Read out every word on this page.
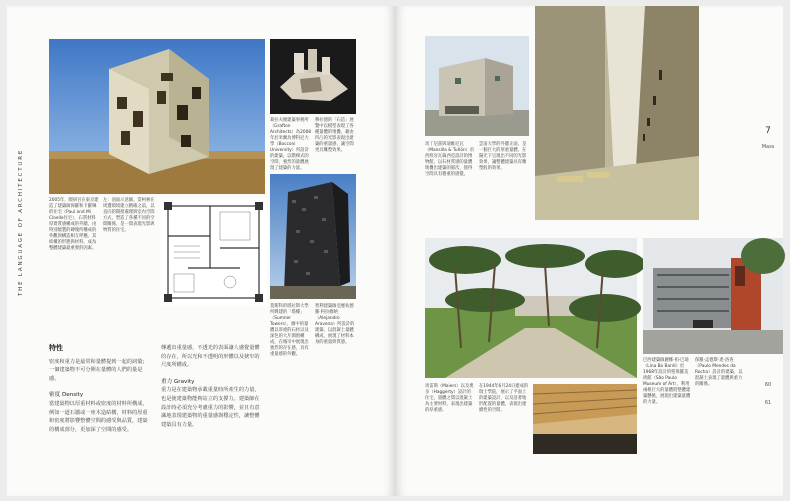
THE LANGUAGE OF ARCHITECTURE	2005年，隈研吾在東京建造了建築師保羅和卡羅琳的住宅（Paul and Mi Cloelle住宅），石質材料厚實質感構成的外牆，由特別燒製的磚塊所構成的外觀與構造相互呼應。其結構的形態與材料，成為整體建築最重要的因素。

左：剖面示意圖。當柯林在周遭環境建立精確之前，以直向的開窗處理與室內空間方式，塑造了各種不同的空間關係，是一間表現光影與物質的住宅。

葛拉夫頓建築事務所（Grafton Architects）為2008年於米蘭為博科尼大學（Bocconi University）所設計的建築，以階梯式的空間、強烈的量體展現了建築的力量。

穆拉德的「石造」展覽中以模型表現了各種量體的堆疊，藉由凹凸的光影表現出建築的重量感，讓空間更具雕塑效果。

莫斯科的塔拉斯大學所興建的「塔樓」（Sumner Towers），圖中的量體以厚重的石材以及深色的大片開窗構成，在城市中展現出強烈的存在感，具有重量感的外觀。

智利建築師亞歷杭德羅·阿拉維納（Alejandro Aravena）所設計的建築，以混凝土量體構成，展現了材料本身的重量與質感。

特性

密度和重力是最常和量體提到一起的詞彙；一個建築物不可分開在量體的人們的量是感。

密度 Density

當建築物以厚重材料或密度的材料所構成，例如一道石牆或一座木造結構，材料的厚重和密度將影響整體空間的感受與品質，建築的構成部分，更加深了空間的感受。

傳遞出重量感，不透光的表面讓人感覺量體的存在，所以光和不透明的形體以及狹窄的尺度所構成。

重力 Gravity

重力是在建築物承載重量時所產生的力量，也是使建築物能夠站立的支撐力。建築師在設計時必須充分考慮重力的影響，並且有意識地表現建築物的重量感與穩定性，讓整體建築具有力量。

馬丁尼茲與迪維尼瓦（Mansilla & Tuñón）於西班牙瓦倫西亞設計的博物館，以石材質感的量體堆疊出建築的層次，使得空間具有穩重的感覺。

雲南大學的外牆正面，是一個巨大的厚重量體，在陽光下呈現出不同的光影效果，讓整體建築具有雕塑般的效果。

馬雷斯（Maiers）以及奧多（Haggerty）設計的住宅，量體之間以混凝土為主要材料，表現出建築的厚重感。

在1944年6月24日建成的瑞士學院，展示了平面上的建築設計，以及沿著地形配置的量體，表現出連續性的空間。

巴西建築師麗娜·柏·巴迪（Lina Bo Bardi）於1968年設計的聖保羅美術館（São Paulo Museum of Art），利用兩根巨大的量體將整體建築懸挑，展現出建築量體的力量。

保羅·孟德斯·達·洛查（Paulo Mendes da Rocha）設計的建築，以混凝土表現了量體與重力的關係。

7
Mass
60
61
